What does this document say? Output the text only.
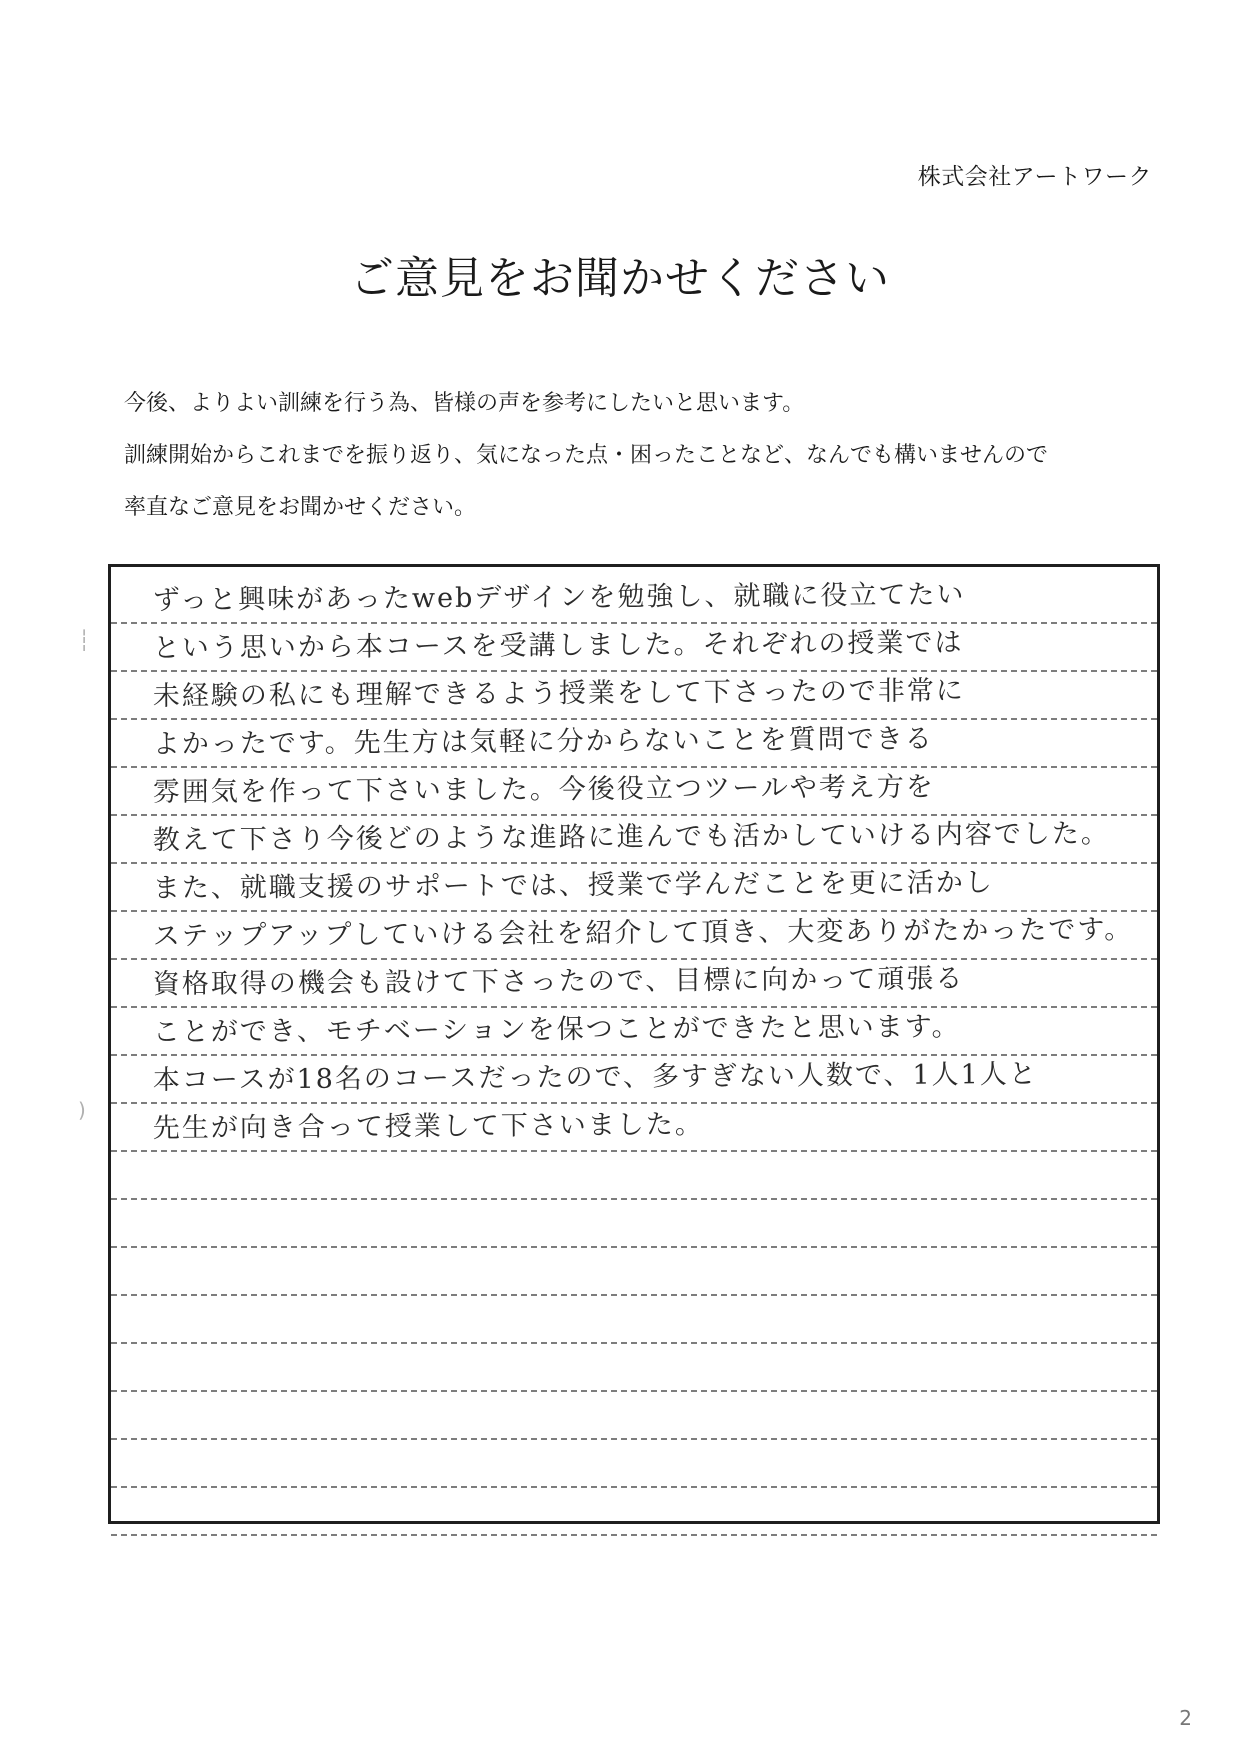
株式会社アートワーク
ご意見をお聞かせください
今後、よりよい訓練を行う為、皆様の声を参考にしたいと思います。
訓練開始からこれまでを振り返り、気になった点・困ったことなど、なんでも構いませんので
率直なご意見をお聞かせください。
┆
)
ずっと興味があったwebデザインを勉強し、就職に役立てたい
という思いから本コースを受講しました。それぞれの授業では
未経験の私にも理解できるよう授業をして下さったので非常に
よかったです。先生方は気軽に分からないことを質問できる
雰囲気を作って下さいました。今後役立つツールや考え方を
教えて下さり今後どのような進路に進んでも活かしていける内容でした。
また、就職支援のサポートでは、授業で学んだことを更に活かし
ステップアップしていける会社を紹介して頂き、大変ありがたかったです。
資格取得の機会も設けて下さったので、目標に向かって頑張る
ことができ、モチベーションを保つことができたと思います。
本コースが18名のコースだったので、多すぎない人数で、1人1人と
先生が向き合って授業して下さいました。
2
